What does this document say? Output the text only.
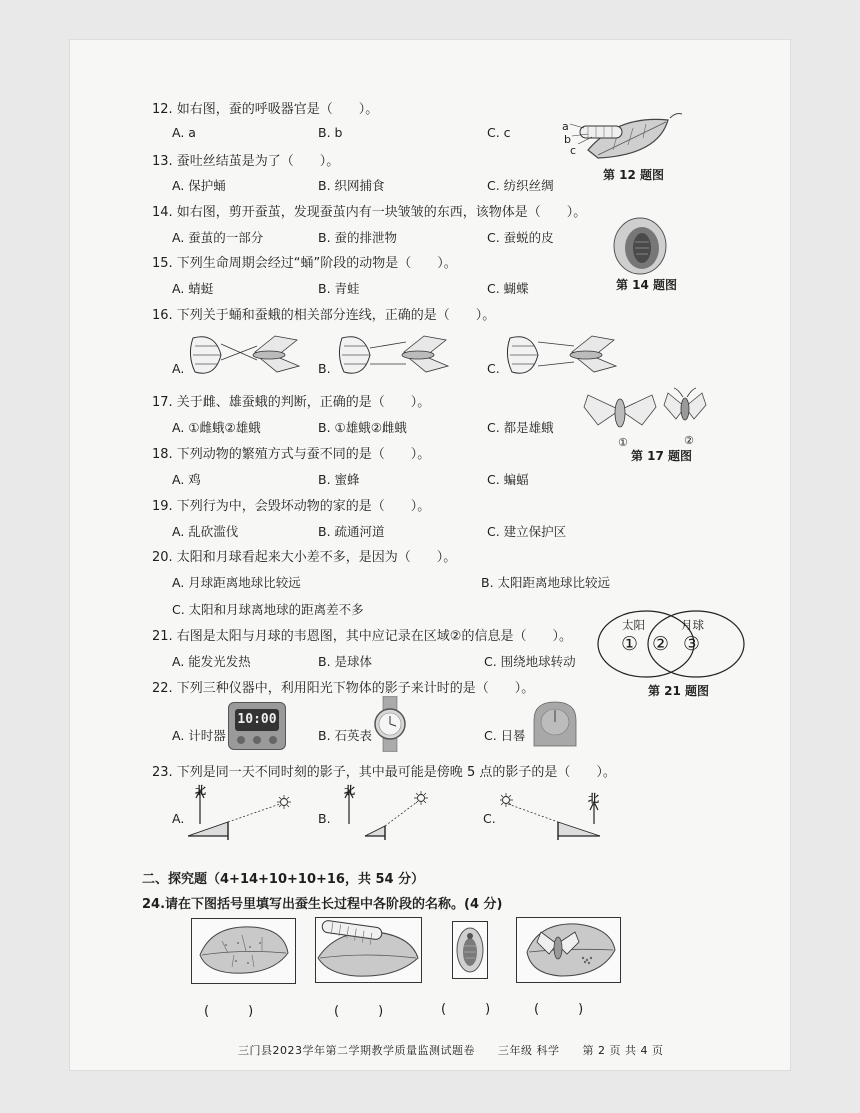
12. 如右图，蚕的呼吸器官是（　　）。
A. a	B. b	C. c	a
b
c
第 12 题图
13. 蚕吐丝结茧是为了（　　）。
A. 保护蛹	B. 织网捕食	C. 纺织丝绸
14. 如右图，剪开蚕茧，发现蚕茧内有一块皱皱的东西，该物体是（　　）。
A. 蚕茧的一部分	B. 蚕的排泄物	C. 蚕蜕的皮
第 14 题图
15. 下列生命周期会经过“蛹”阶段的动物是（　　）。
A. 蜻蜓	B. 青蛙	C. 蝴蝶
16. 下列关于蛹和蚕蛾的相关部分连线，正确的是（　　）。
A.	B.	C.
17. 关于雌、雄蚕蛾的判断，正确的是（　　）。
A. ①雌蛾②雄蛾	B. ①雄蛾②雌蛾	C. 都是雄蛾
①	②
第 17 题图
18. 下列动物的繁殖方式与蚕不同的是（　　）。
A. 鸡	B. 蜜蜂	C. 蝙蝠
19. 下列行为中，会毁坏动物的家的是（　　）。
A. 乱砍滥伐	B. 疏通河道	C. 建立保护区
20. 太阳和月球看起来大小差不多，是因为（　　）。
A. 月球距离地球比较远	B. 太阳距离地球比较远
C. 太阳和月球离地球的距离差不多
21. 右图是太阳与月球的韦恩图，其中应记录在区域②的信息是（　　）。
A. 能发光发热	B. 是球体	C. 围绕地球转动
太阳	月球
① ② ③
第 21 题图
22. 下列三种仪器中，利用阳光下物体的影子来计时的是（　　）。
A. 计时器	B. 石英表	C. 日晷
10:00
23. 下列是同一天不同时刻的影子，其中最可能是傍晚 5 点的影子的是（　　）。
A.	B.	C.
北	北
北
二、探究题（4+14+10+10+16，共 54 分）
24.请在下图括号里填写出蚕生长过程中各阶段的名称。(4 分)
(　　　)	(　　　)	(　　　)	(　　　)
三门县2023学年第二学期教学质量监测试题卷　　三年级 科学　　第 2 页 共 4 页
